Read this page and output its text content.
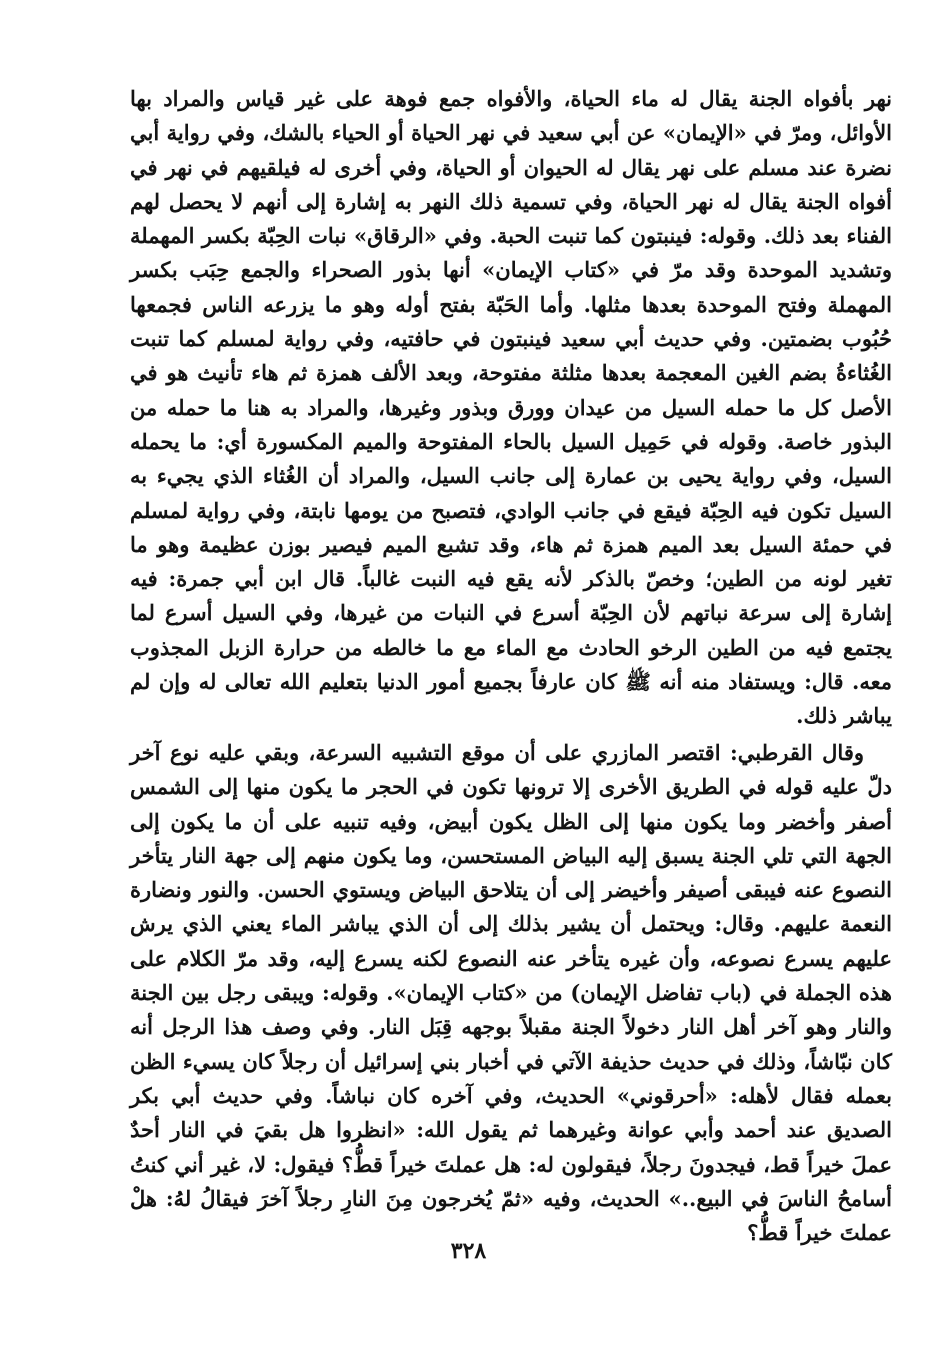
نهر بأفواه الجنة يقال له ماء الحياة، والأفواه جمع فوهة على غير قياس والمراد بها الأوائل، ومرّ في «الإيمان» عن أبي سعيد في نهر الحياة أو الحياء بالشك، وفي رواية أبي نضرة عند مسلم على نهر يقال له الحيوان أو الحياة، وفي أخرى له فيلقيهم في نهر في أفواه الجنة يقال له نهر الحياة، وفي تسمية ذلك النهر به إشارة إلى أنهم لا يحصل لهم الفناء بعد ذلك. وقوله: فينبتون كما تنبت الحبة. وفي «الرقاق» نبات الحِبّة بكسر المهملة وتشديد الموحدة وقد مرّ في «كتاب الإيمان» أنها بذور الصحراء والجمع حِبَب بكسر المهملة وفتح الموحدة بعدها مثلها. وأما الحَبّة بفتح أوله وهو ما يزرعه الناس فجمعها حُبُوب بضمتين. وفي حديث أبي سعيد فينبتون في حافتيه، وفي رواية لمسلم كما تنبت الغُثاءةُ بضم الغين المعجمة بعدها مثلثة مفتوحة، وبعد الألف همزة ثم هاء تأنيث هو في الأصل كل ما حمله السيل من عيدان وورق وبذور وغيرها، والمراد به هنا ما حمله من البذور خاصة. وقوله في حَمِيل السيل بالحاء المفتوحة والميم المكسورة أي: ما يحمله السيل، وفي رواية يحيى بن عمارة إلى جانب السيل، والمراد أن الغُثاء الذي يجيء به السيل تكون فيه الحِبّة فيقع في جانب الوادي، فتصبح من يومها نابتة، وفي رواية لمسلم في حمئة السيل بعد الميم همزة ثم هاء، وقد تشبع الميم فيصير بوزن عظيمة وهو ما تغير لونه من الطين؛ وخصّ بالذكر لأنه يقع فيه النبت غالباً. قال ابن أبي جمرة: فيه إشارة إلى سرعة نباتهم لأن الحِبّة أسرع في النبات من غيرها، وفي السيل أسرع لما يجتمع فيه من الطين الرخو الحادث مع الماء مع ما خالطه من حرارة الزبل المجذوب معه. قال: ويستفاد منه أنه ﷺ كان عارفاً بجميع أمور الدنيا بتعليم الله تعالى له وإن لم يباشر ذلك.

وقال القرطبي: اقتصر المازري على أن موقع التشبيه السرعة، وبقي عليه نوع آخر دلّ عليه قوله في الطريق الأخرى إلا ترونها تكون في الحجر ما يكون منها إلى الشمس أصفر وأخضر وما يكون منها إلى الظل يكون أبيض، وفيه تنبيه على أن ما يكون إلى الجهة التي تلي الجنة يسبق إليه البياض المستحسن، وما يكون منهم إلى جهة النار يتأخر النصوع عنه فيبقى أصيفر وأخيضر إلى أن يتلاحق البياض ويستوي الحسن. والنور ونضارة النعمة عليهم. وقال: ويحتمل أن يشير بذلك إلى أن الذي يباشر الماء يعني الذي يرش عليهم يسرع نصوعه، وأن غيره يتأخر عنه النصوع لكنه يسرع إليه، وقد مرّ الكلام على هذه الجملة في (باب تفاضل الإيمان) من «كتاب الإيمان». وقوله: ويبقى رجل بين الجنة والنار وهو آخر أهل النار دخولاً الجنة مقبلاً بوجهه قِبَل النار. وفي وصف هذا الرجل أنه كان نبّاشاً، وذلك في حديث حذيفة الآتي في أخبار بني إسرائيل أن رجلاً كان يسيء الظن بعمله فقال لأهله: «أحرقوني» الحديث، وفي آخره كان نباشاً. وفي حديث أبي بكر الصديق عند أحمد وأبي عوانة وغيرهما ثم يقول الله: «انظروا هل بقيَ في النار أحدٌ عملَ خيراً قط، فيجدونَ رجلاً، فيقولون له: هل عملتَ خيراً قطُّ؟ فيقول: لا، غير أني كنتُ أسامحُ الناسَ في البيع..» الحديث، وفيه «ثمّ يُخرجون مِنَ النارِ رجلاً آخرَ فيقالُ لهُ: هلْ عملتَ خيراً قطُّ؟

٣٢٨
